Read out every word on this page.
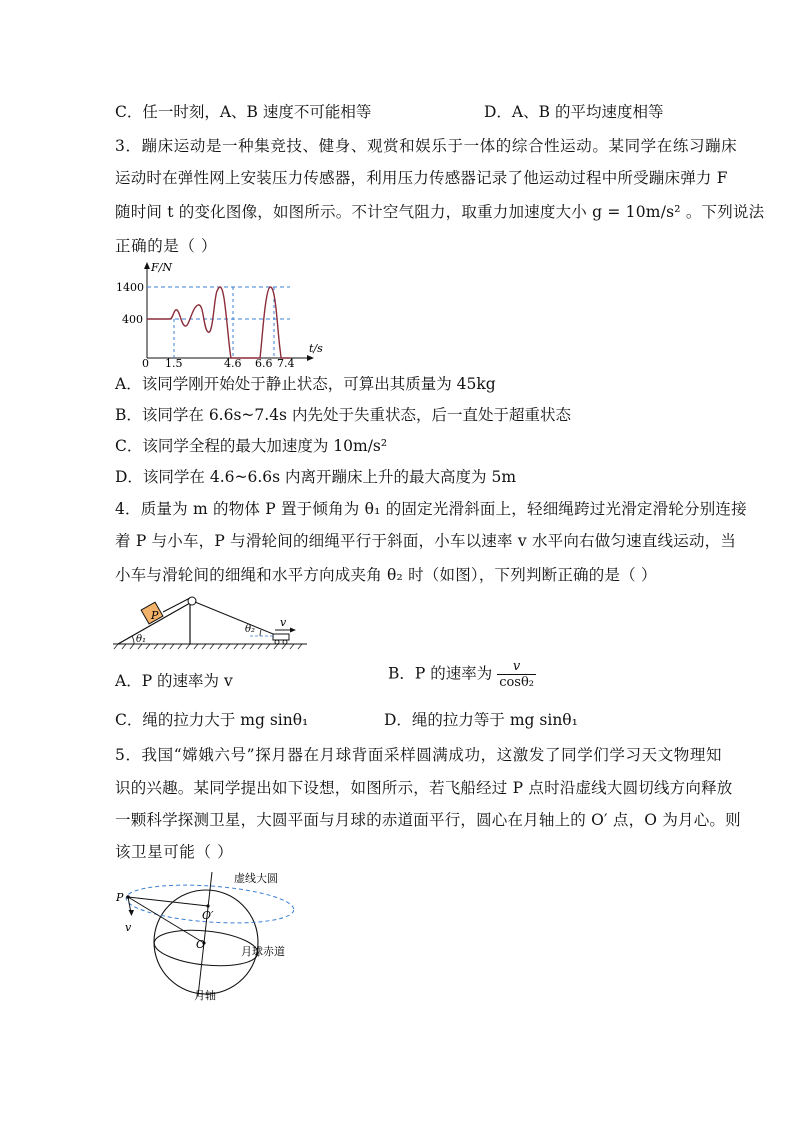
C．任一时刻，A、B 速度不可能相等	D．A、B 的平均速度相等
3．蹦床运动是一种集竞技、健身、观赏和娱乐于一体的综合性运动。某同学在练习蹦床
运动时在弹性网上安装压力传感器，利用压力传感器记录了他运动过程中所受蹦床弹力 F
随时间 t 的变化图像，如图所示。不计空气阻力，取重力加速度大小 g = 10m/s² 。下列说法
正确的是（ ）
F/N
t/s
1400
400
0 1.5	4.6 6.6 7.4
A．该同学刚开始处于静止状态，可算出其质量为 45kg
B．该同学在 6.6s~7.4s 内先处于失重状态，后一直处于超重状态
C．该同学全程的最大加速度为 10m/s²
D．该同学在 4.6~6.6s 内离开蹦床上升的最大高度为 5m
4．质量为 m 的物体 P 置于倾角为 θ₁ 的固定光滑斜面上，轻细绳跨过光滑定滑轮分别连接
着 P 与小车，P 与滑轮间的细绳平行于斜面，小车以速率 v 水平向右做匀速直线运动，当
小车与滑轮间的细绳和水平方向成夹角 θ₂ 时（如图），下列判断正确的是（ ）
P
v
θ₁
θ₂
A．P 的速率为 v	B．P 的速率为 $\frac{v}{\text{cosθ₂}}$
C．绳的拉力大于 mg sinθ₁	D．绳的拉力等于 mg sinθ₁
5．我国“嫦娥六号”探月器在月球背面采样圆满成功，这激发了同学们学习天文物理知
识的兴趣。某同学提出如下设想，如图所示，若飞船经过 P 点时沿虚线大圆切线方向释放
一颗科学探测卫星，大圆平面与月球的赤道面平行，圆心在月轴上的 O′ 点，O 为月心。则
该卫星可能（ ）
P
v
O′
O
虚线大圆
月球赤道
月轴
